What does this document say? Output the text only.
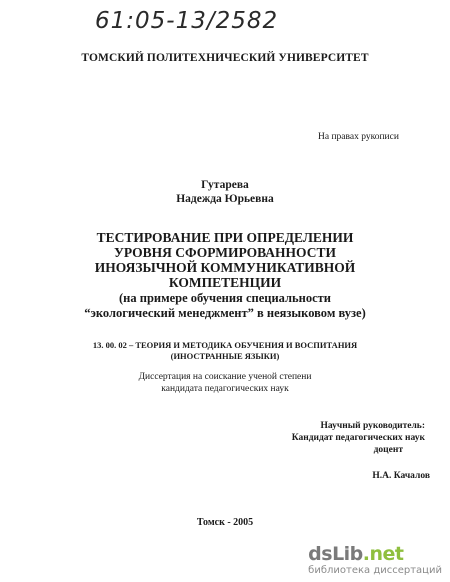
61:05-13/2582
ТОМСКИЙ ПОЛИТЕХНИЧЕСКИЙ УНИВЕРСИТЕТ
На правах рукописи
Гутарева
Надежда Юрьевна
ТЕСТИРОВАНИЕ ПРИ ОПРЕДЕЛЕНИИ
УРОВНЯ СФОРМИРОВАННОСТИ
ИНОЯЗЫЧНОЙ КОММУНИКАТИВНОЙ
КОМПЕТЕНЦИИ
(на примере обучения специальности
“экологический менеджмент” в неязыковом вузе)
13. 00. 02 – ТЕОРИЯ И МЕТОДИКА ОБУЧЕНИЯ И ВОСПИТАНИЯ
(ИНОСТРАННЫЕ ЯЗЫКИ)
Диссертация на соискание ученой степени
кандидата педагогических наук
Научный руководитель:
Кандидат педагогических наук
доцент
Н.А. Качалов
Томск - 2005
dsLib.net
библиотека диссертаций
